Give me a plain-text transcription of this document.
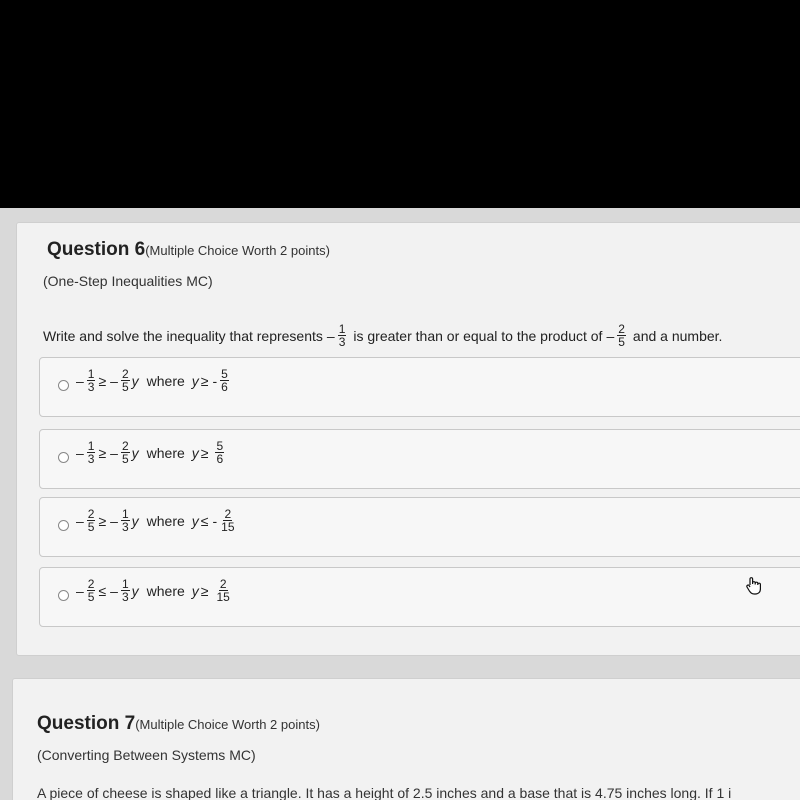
Question 6(Multiple Choice Worth 2 points)
(One-Step Inequalities MC)
Write and solve the inequality that represents – $\frac{1}{3}$ is greater than or equal to the product of – $\frac{2}{5}$ and a number.
– $\frac{1}{3}$ ≥ – $\frac{2}{5}$ y where y ≥ - $\frac{5}{6}$
– $\frac{1}{3}$ ≥ – $\frac{2}{5}$ y where $y \ge \frac{5}{6}$
– $\frac{2}{5}$ ≥ – $\frac{1}{3}$ y where y ≤ - $\frac{2}{15}$
– $\frac{2}{5}$ ≤ – $\frac{1}{3}$ y where $y \ge \frac{2}{15}$
Question 7(Multiple Choice Worth 2 points)
(Converting Between Systems MC)
A piece of cheese is shaped like a triangle. It has a height of 2.5 inches and a base that is 4.75 inches long. If 1 i
